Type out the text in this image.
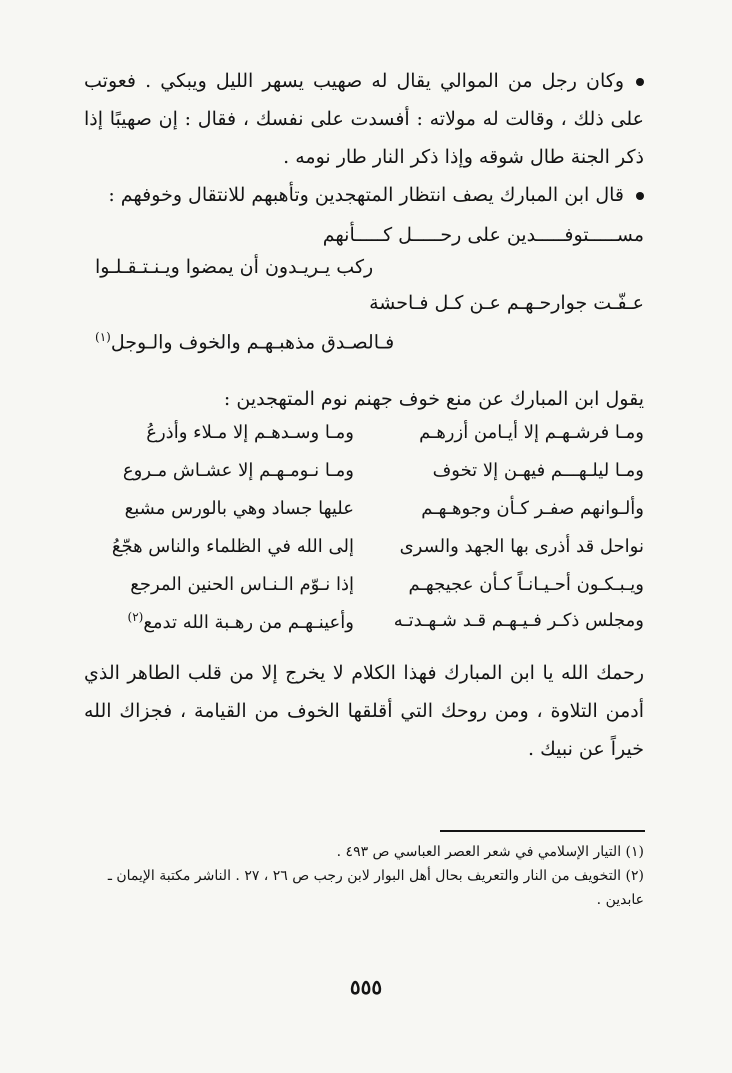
وكان رجل من الموالي يقال له صهيب يسهر الليل ويبكي . فعوتب على ذلك ، وقالت له مولاته : أفسدت على نفسك ، فقال : إن صهيبًا إذا ذكر الجنة طال شوقه وإذا ذكر النار طار نومه .

قال ابن المبارك يصف انتظار المتهجدين وتأهبهم للانتقال وخوفهم :

مســـــتوفـــــدين على رحـــــل كـــــأنهم
ركب يـريـدون أن يمضوا ويـنـتـقـلـوا
عـفّـت جوارحـهـم عـن كـل فـاحشة
فـالصـدق مذهبـهـم والخوف والـوجل$^{(١)}$

يقول ابن المبارك عن منع خوف جهنم نوم المتهجدين :

ومـا فرشـهـم إلا أيـامن أزرهـم
ومـا وسـدهـم إلا مـلاء وأذرعُ
ومـا ليلـهـــم فيهـن إلا تخوف
ومـا نـومـهـم إلا عشـاش مـروع
وألـوانهم صفـر كـأن وجوهـهـم
عليها جساد وهي بالورس مشبع
نواحل قد أذرى بها الجهد والسرى
إلى الله في الظلماء والناس هجّعُ
ويـبـكـون أحـيـانـاً كـأن عجيجهـم
إذا نـوّم الـنـاس الحنين المرجع
ومجلس ذكـر فـيـهـم قـد شـهـدتـه
وأعينـهـم من رهـبة الله تدمع$^{(٢)}$

رحمك الله يا ابن المبارك فهذا الكلام لا يخرج إلا من قلب الطاهر الذي أدمن التلاوة ، ومن روحك التي أقلقها الخوف من القيامة ، فجزاك الله خيراً عن نبيك .

(١) التيار الإسلامي في شعر العصر العباسي ص ٤٩٣ .

(٢) التخويف من النار والتعريف بحال أهل البوار لابن رجب ص ٢٦ ، ٢٧ . الناشر مكتبة الإيمان ـ عابدين .

٥٥٥
